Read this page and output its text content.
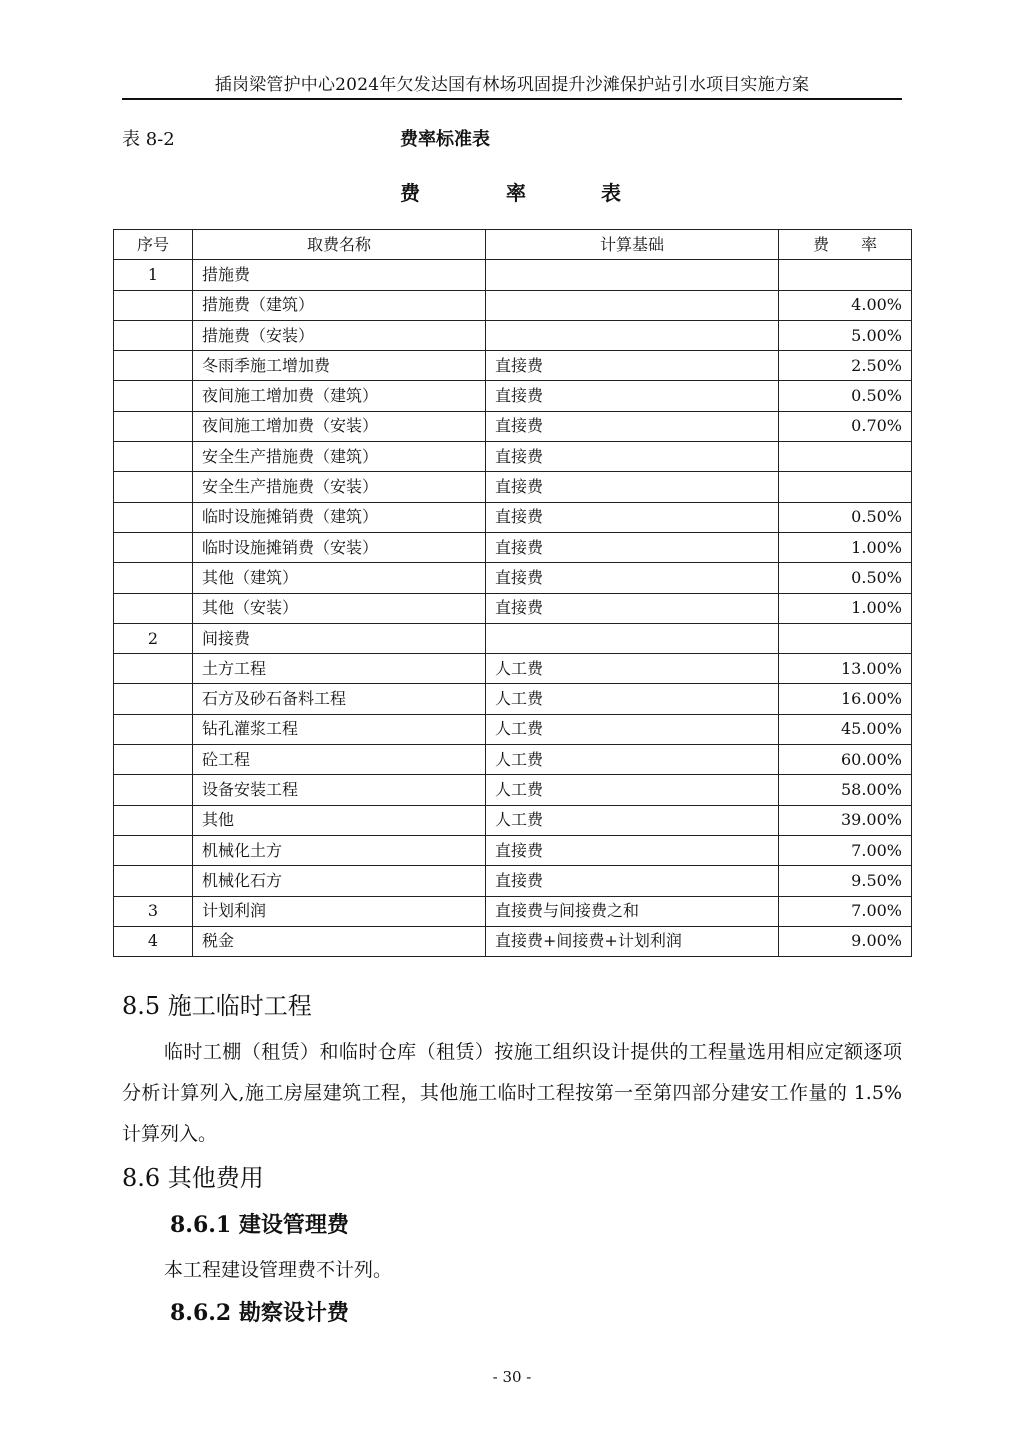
插岗梁管护中心2024年欠发达国有林场巩固提升沙滩保护站引水项目实施方案
表 8-2	费率标准表
费	率	表
序号	取费名称	计算基础	费　　率
1	措施费		
	措施费（建筑）		4.00%
	措施费（安装）		5.00%
	冬雨季施工增加费	直接费	2.50%
	夜间施工增加费（建筑）	直接费	0.50%
	夜间施工增加费（安装）	直接费	0.70%
	安全生产措施费（建筑）	直接费	
	安全生产措施费（安装）	直接费	
	临时设施摊销费（建筑）	直接费	0.50%
	临时设施摊销费（安装）	直接费	1.00%
	其他（建筑）	直接费	0.50%
	其他（安装）	直接费	1.00%
2	间接费		
	土方工程	人工费	13.00%
	石方及砂石备料工程	人工费	16.00%
	钻孔灌浆工程	人工费	45.00%
	砼工程	人工费	60.00%
	设备安装工程	人工费	58.00%
	其他	人工费	39.00%
	机械化土方	直接费	7.00%
	机械化石方	直接费	9.50%
3	计划利润	直接费与间接费之和	7.00%
4	税金	直接费+间接费+计划利润	9.00%
8.5 施工临时工程
临时工棚（租赁）和临时仓库（租赁）按施工组织设计提供的工程量选用相应定额逐项分析计算列入,施工房屋建筑工程，其他施工临时工程按第一至第四部分建安工作量的 1.5%计算列入。
8.6 其他费用
8.6.1 建设管理费
本工程建设管理费不计列。
8.6.2 勘察设计费
- 30 -
